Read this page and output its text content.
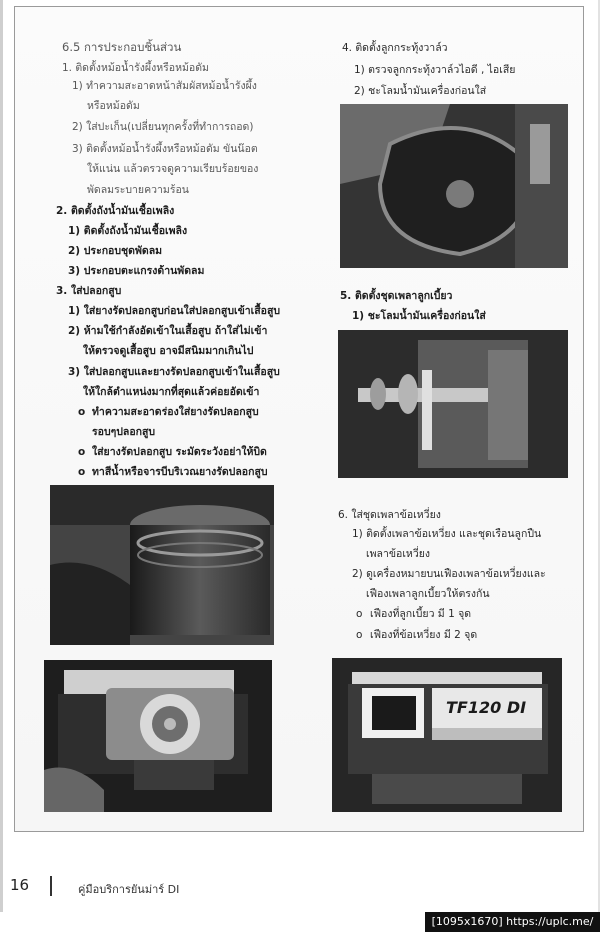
6.5 การประกอบชิ้นส่วน
1. ติดตั้งหม้อน้ำรังผึ้งหรือหม้อดัม
1) ทำความสะอาดหน้าสัมผัสหม้อน้ำรังผึ้ง
หรือหม้อดัม
2) ใส่ปะเก็น(เปลี่ยนทุกครั้งที่ทำการถอด)
3) ติดตั้งหม้อน้ำรังผึ้งหรือหม้อดัม ขันน๊อต
ให้แน่น แล้วตรวจดูความเรียบร้อยของ
พัดลมระบายความร้อน
2. ติดตั้งถังน้ำมันเชื้อเพลิง
1) ติดตั้งถังน้ำมันเชื้อเพลิง
2) ประกอบชุดพัดลม
3) ประกอบตะแกรงด้านพัดลม
3. ใส่ปลอกสูบ
1) ใส่ยางรัดปลอกสูบก่อนใส่ปลอกสูบเข้าเสื้อสูบ
2) ห้ามใช้กำลังอัดเข้าในเสื้อสูบ ถ้าใส่ไม่เข้า
ให้ตรวจดูเสื้อสูบ อาจมีสนิมมากเกินไป
3) ใส่ปลอกสูบและยางรัดปลอกสูบเข้าในเสื้อสูบ
ให้ใกล้ตำแหน่งมากที่สุดแล้วค่อยอัดเข้า
o ทำความสะอาดร่องใส่ยางรัดปลอกสูบ
รอบๆปลอกสูบ
o ใส่ยางรัดปลอกสูบ ระมัดระวังอย่าให้บิด
o ทาสีน้ำหรือจารบีบริเวณยางรัดปลอกสูบ
4. ติดตั้งลูกกระทุ้งวาล์ว
1) ตรวจลูกกระทุ้งวาล์วไอดี , ไอเสีย
2) ชะโลมน้ำมันเครื่องก่อนใส่
5. ติดตั้งชุดเพลาลูกเบี้ยว
1) ชะโลมน้ำมันเครื่องก่อนใส่
6. ใส่ชุดเพลาข้อเหวี่ยง
1) ติดตั้งเพลาข้อเหวี่ยง และชุดเรือนลูกปืน
เพลาข้อเหวี่ยง
2) ดูเครื่องหมายบนเฟืองเพลาข้อเหวี่ยงและ
เฟืองเพลาลูกเบี้ยวให้ตรงกัน
o เฟืองที่ลูกเบี้ยว มี 1 จุด
o เฟืองที่ข้อเหวี่ยง มี 2 จุด
TF120 DI
16	คู่มือบริการยันม่าร์ DI
[1095x1670] https://uplc.me/
